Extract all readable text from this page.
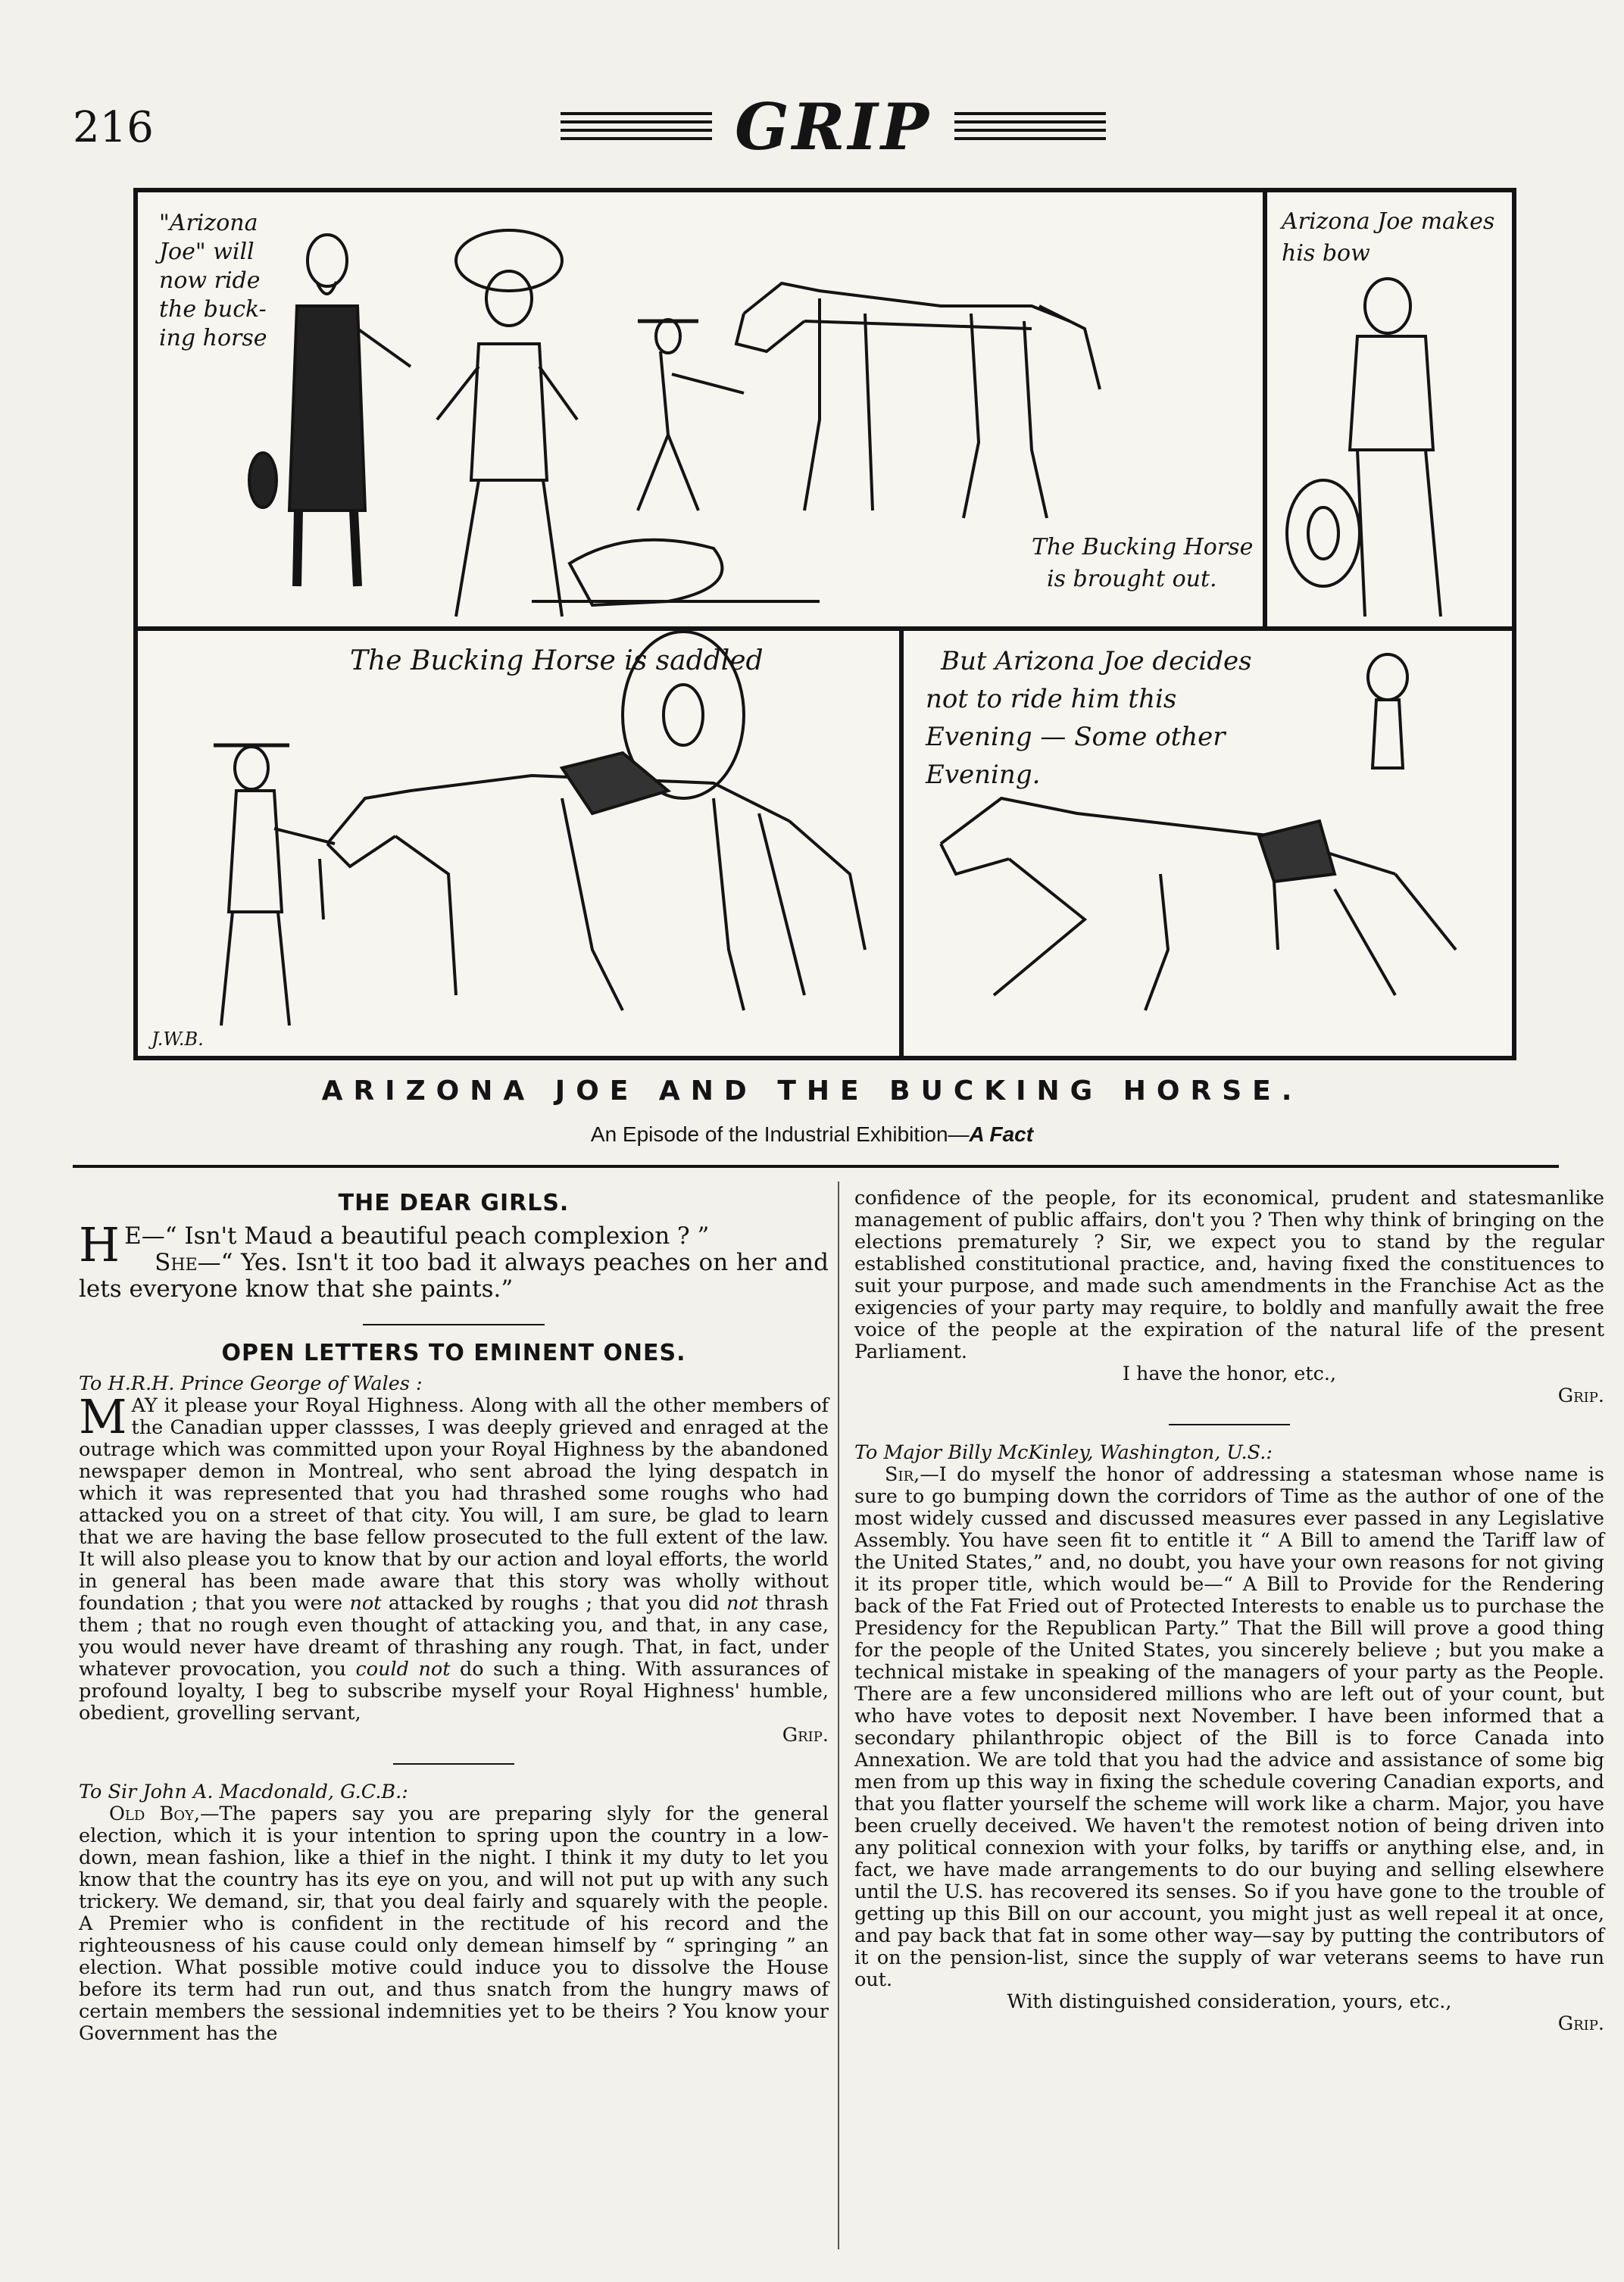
216	GRIP
"Arizona Joe" will now ride the buck- ing horse
The Bucking Horse is brought out.
Arizona Joe makes his bow
The Bucking Horse is saddled	But Arizona Joe decides not to ride him this Evening — Some other Evening.
J.W.B.
ARIZONA JOE AND THE BUCKING HORSE.
An Episode of the Industrial Exhibition—A Fact
THE DEAR GIRLS.

H E—“ Isn't Maud a beautiful peach complexion ? ”

She—“ Yes. Isn't it too bad it always peaches on her and lets everyone know that she paints.”

OPEN LETTERS TO EMINENT ONES.

To H.R.H. Prince George of Wales :

MAY it please your Royal Highness. Along with all the other members of the Canadian upper classses, I was deeply grieved and enraged at the outrage which was committed upon your Royal Highness by the abandoned newspaper demon in Montreal, who sent abroad the lying despatch in which it was represented that you had thrashed some roughs who had attacked you on a street of that city. You will, I am sure, be glad to learn that we are having the base fellow prosecuted to the full extent of the law. It will also please you to know that by our action and loyal efforts, the world in general has been made aware that this story was wholly without foundation ; that you were not attacked by roughs ; that you did not thrash them ; that no rough even thought of attacking you, and that, in any case, you would never have dreamt of thrashing any rough. That, in fact, under whatever provocation, you could not do such a thing. With assurances of profound loyalty, I beg to subscribe myself your Royal Highness' humble, obedient, grovelling servant,

Grip.

To Sir John A. Macdonald, G.C.B.:

Old Boy,—The papers say you are preparing slyly for the general election, which it is your intention to spring upon the country in a low-down, mean fashion, like a thief in the night. I think it my duty to let you know that the country has its eye on you, and will not put up with any such trickery. We demand, sir, that you deal fairly and squarely with the people. A Premier who is confident in the rectitude of his record and the righteousness of his cause could only demean himself by “ springing ” an election. What possible motive could induce you to dissolve the House before its term had run out, and thus snatch from the hungry maws of certain members the sessional indemnities yet to be theirs ? You know your Government has the

confidence of the people, for its economical, prudent and statesmanlike management of public affairs, don't you ? Then why think of bringing on the elections prematurely ? Sir, we expect you to stand by the regular established constitutional practice, and, having fixed the constituences to suit your purpose, and made such amendments in the Franchise Act as the exigencies of your party may require, to boldly and manfully await the free voice of the people at the expiration of the natural life of the present Parliament.

I have the honor, etc.,

Grip.

To Major Billy McKinley, Washington, U.S.:

Sir,—I do myself the honor of addressing a statesman whose name is sure to go bumping down the corridors of Time as the author of one of the most widely cussed and discussed measures ever passed in any Legislative Assembly. You have seen fit to entitle it “ A Bill to amend the Tariff law of the United States,” and, no doubt, you have your own reasons for not giving it its proper title, which would be—“ A Bill to Provide for the Rendering back of the Fat Fried out of Protected Interests to enable us to purchase the Presidency for the Republican Party.” That the Bill will prove a good thing for the people of the United States, you sincerely believe ; but you make a technical mistake in speaking of the managers of your party as the People. There are a few unconsidered millions who are left out of your count, but who have votes to deposit next November. I have been informed that a secondary philanthropic object of the Bill is to force Canada into Annexation. We are told that you had the advice and assistance of some big men from up this way in fixing the schedule covering Canadian exports, and that you flatter yourself the scheme will work like a charm. Major, you have been cruelly deceived. We haven't the remotest notion of being driven into any political connexion with your folks, by tariffs or anything else, and, in fact, we have made arrangements to do our buying and selling elsewhere until the U.S. has recovered its senses. So if you have gone to the trouble of getting up this Bill on our account, you might just as well repeal it at once, and pay back that fat in some other way—say by putting the contributors of it on the pension-list, since the supply of war veterans seems to have run out.

With distinguished consideration, yours, etc.,

Grip.
